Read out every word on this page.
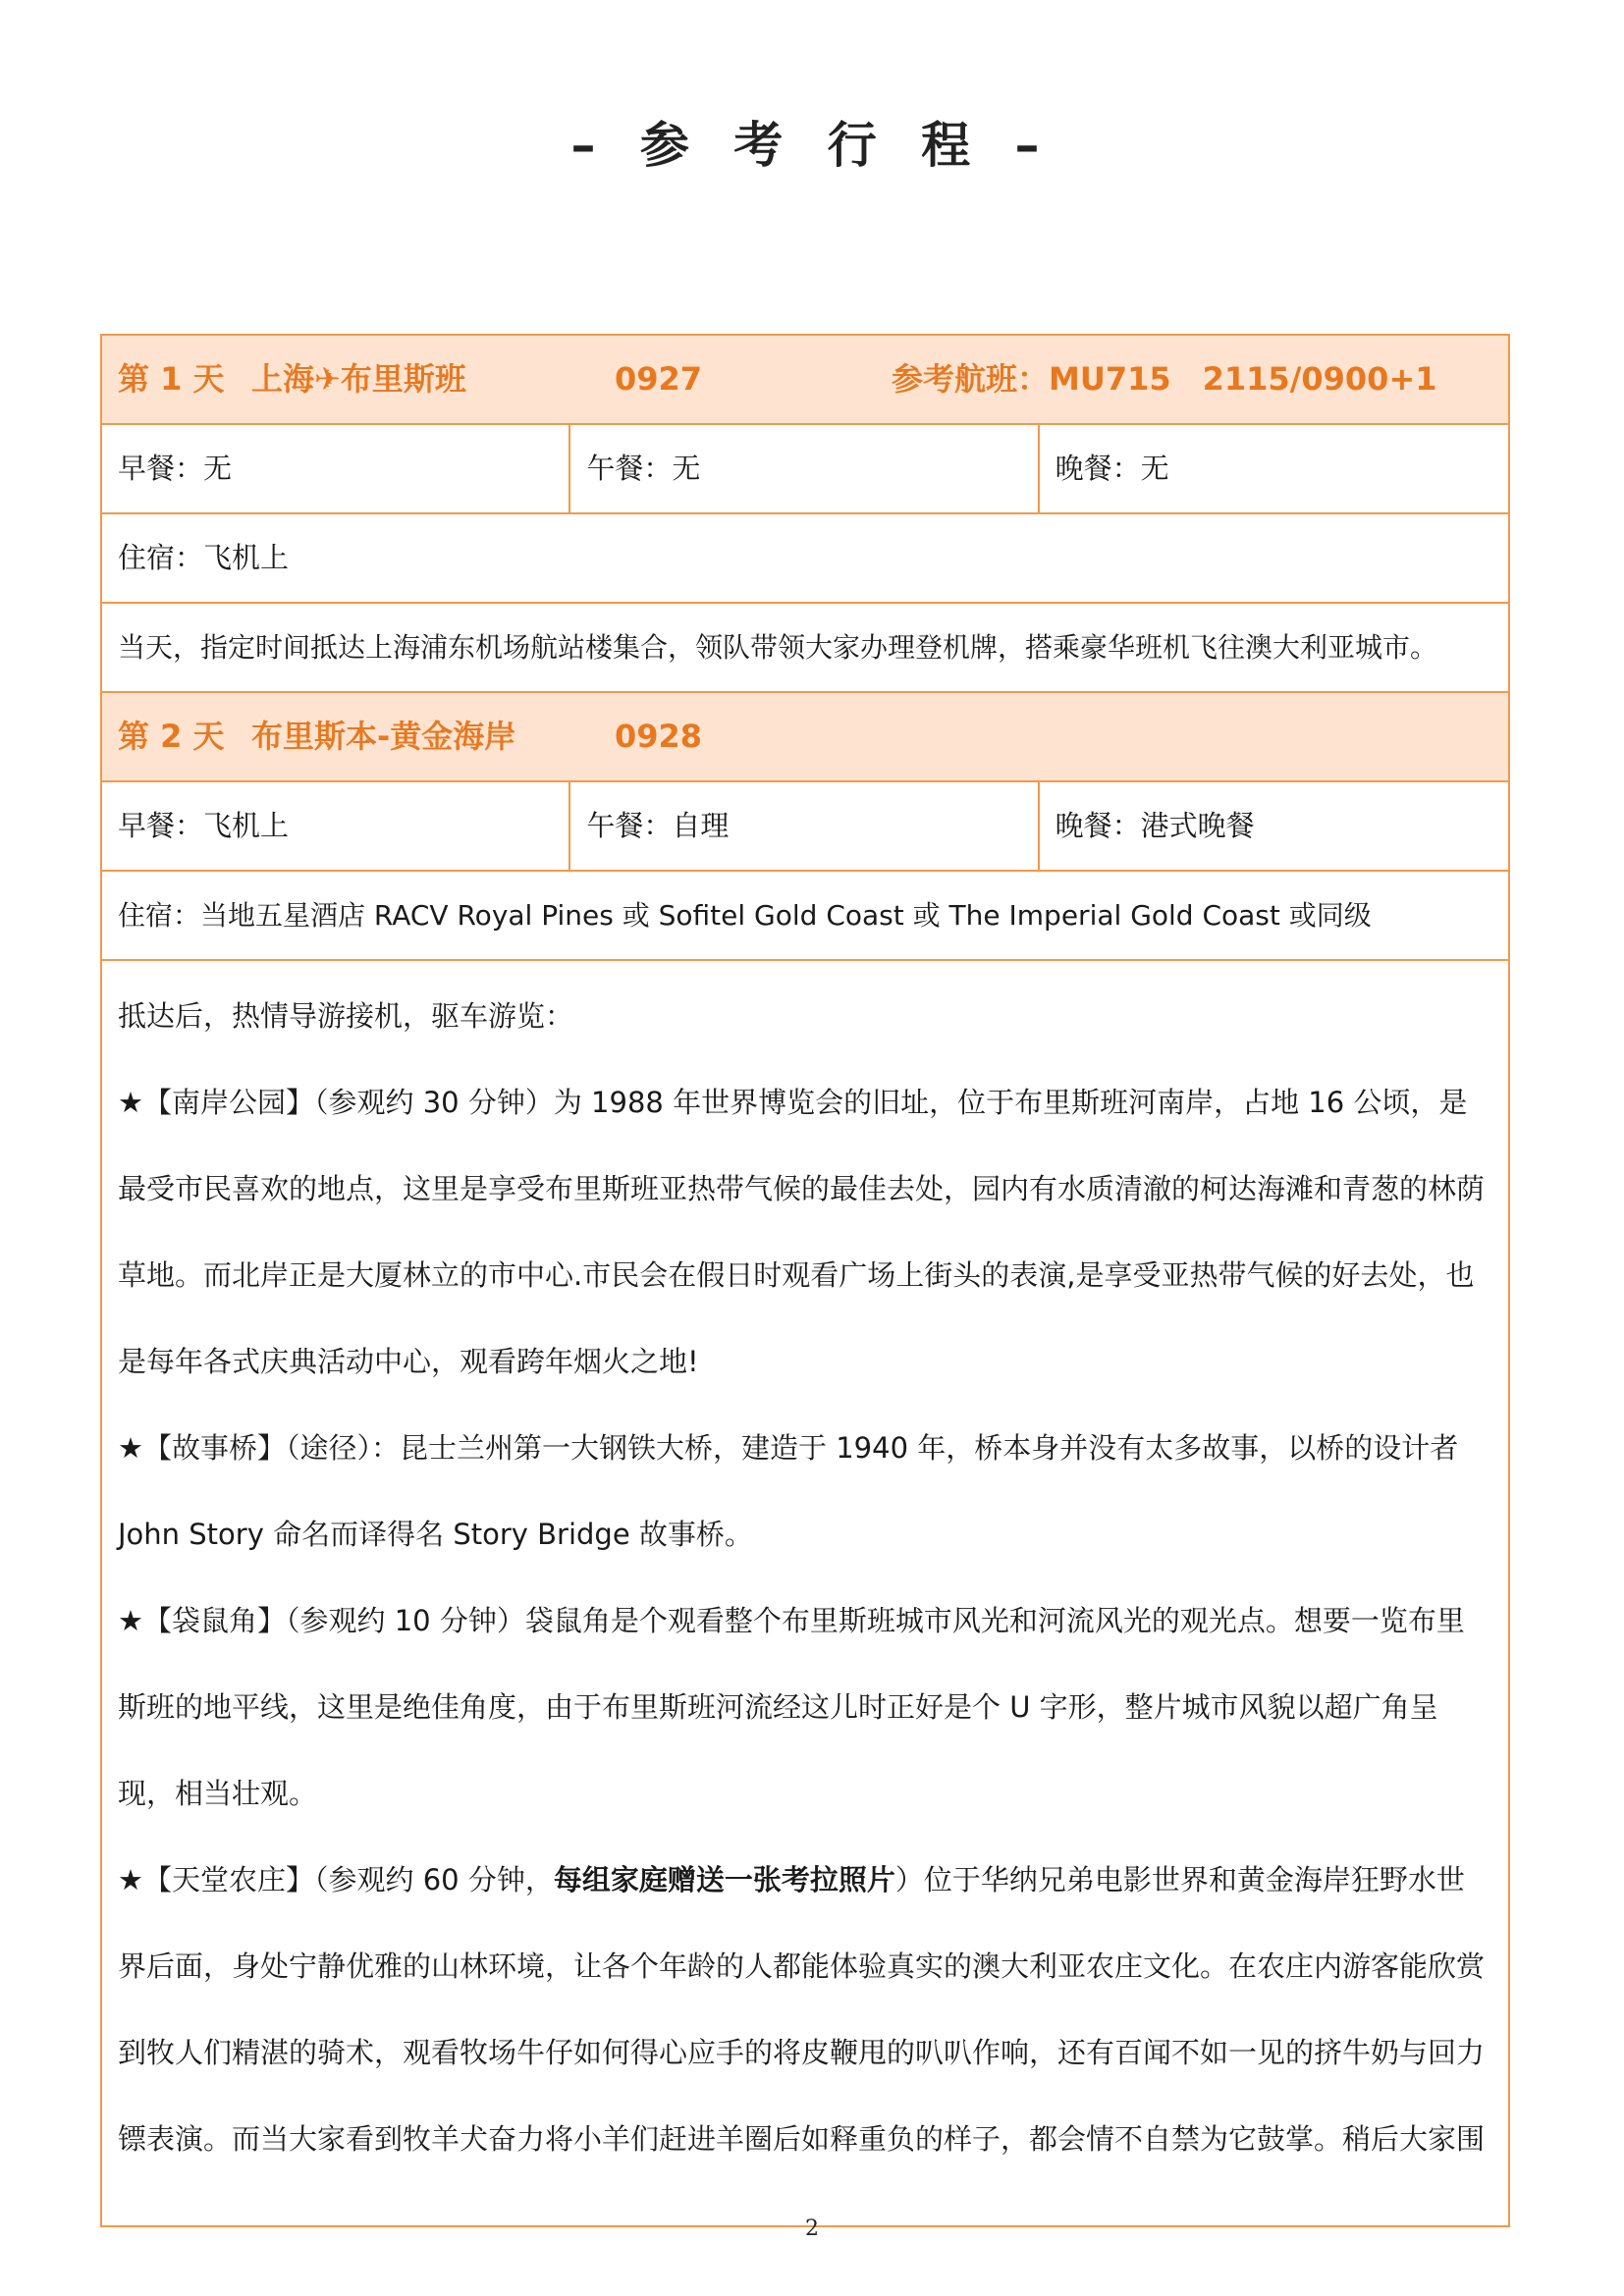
– 参 考 行 程 –
第 1 天 上海✈布里斯班	0927	参考航班：MU715　2115/0900+1
早餐：无	午餐：无	晚餐：无
住宿：飞机上
当天，指定时间抵达上海浦东机场航站楼集合，领队带领大家办理登机牌，搭乘豪华班机飞往澳大利亚城市。
第 2 天 布里斯本-黄金海岸	0928
早餐：飞机上	午餐：自理	晚餐：港式晚餐
住宿：当地五星酒店 RACV Royal Pines 或 Sofitel Gold Coast 或 The Imperial Gold Coast 或同级

抵达后，热情导游接机，驱车游览：

★【南岸公园】（参观约 30 分钟）为 1988 年世界博览会的旧址，位于布里斯班河南岸，占地 16 公顷，是最受市民喜欢的地点，这里是享受布里斯班亚热带气候的最佳去处，园内有水质清澈的柯达海滩和青葱的林荫草地。而北岸正是大厦林立的市中心.市民会在假日时观看广场上街头的表演,是享受亚热带气候的好去处，也是每年各式庆典活动中心，观看跨年烟火之地!

★【故事桥】（途径）：昆士兰州第一大钢铁大桥，建造于 1940 年，桥本身并没有太多故事，以桥的设计者 John Story 命名而译得名 Story Bridge 故事桥。

★【袋鼠角】（参观约 10 分钟）袋鼠角是个观看整个布里斯班城市风光和河流风光的观光点。想要一览布里斯班的地平线，这里是绝佳角度，由于布里斯班河流经这儿时正好是个 U 字形，整片城市风貌以超广角呈现，相当壮观。

★【天堂农庄】（参观约 60 分钟，每组家庭赠送一张考拉照片）位于华纳兄弟电影世界和黄金海岸狂野水世界后面，身处宁静优雅的山林环境，让各个年龄的人都能体验真实的澳大利亚农庄文化。在农庄内游客能欣赏到牧人们精湛的骑术，观看牧场牛仔如何得心应手的将皮鞭甩的叭叭作响，还有百闻不如一见的挤牛奶与回力镖表演。而当大家看到牧羊犬奋力将小羊们赶进羊圈后如释重负的样子，都会情不自禁为它鼓掌。稍后大家围

2
